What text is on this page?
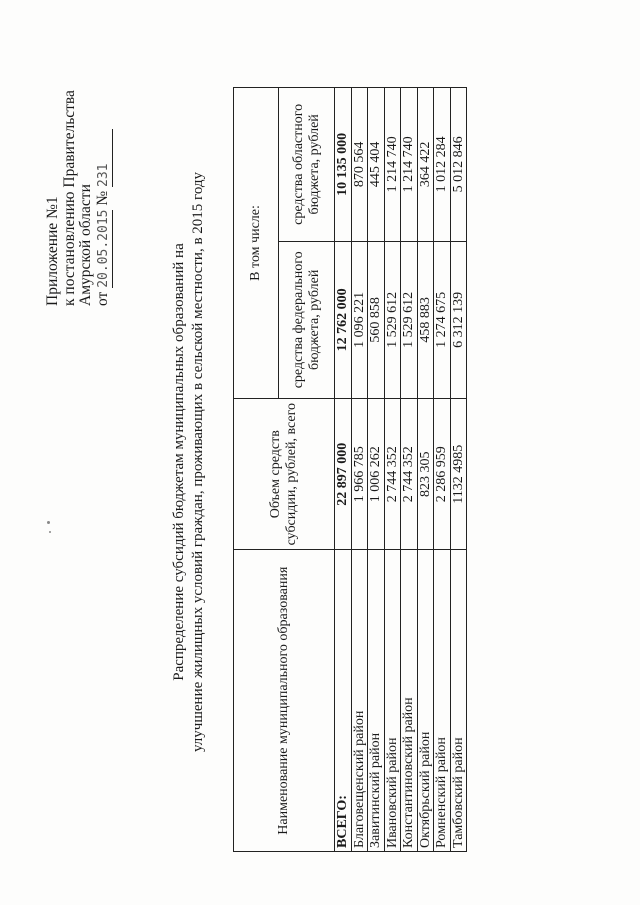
Приложение №1 к постановлению Правительства Амурской области от 20.05.2015 № 231
Распределение субсидий бюджетам муниципальных образований на улучшение жилищных условий граждан, проживающих в сельской местности, в 2015 году	Наименование муниципального образования	Объем средств субсидии, рублей, всего	В том числе:	
		средства федерального бюджета, рублей	средства областного бюджета, рублей
ВСЕГО:	22 897 000	12 762 000	10 135 000
Благовещенский район	1 966 785	1 096 221	870 564
Завитинский район	1 006 262	560 858	445 404
Ивановский район	2 744 352	1 529 612	1 214 740
Константиновский район	2 744 352	1 529 612	1 214 740
Октябрьский район	823 305	458 883	364 422
Ромненский район	2 286 959	1 274 675	1 012 284
Тамбовский район	1132 4985	6 312 139	5 012 846
